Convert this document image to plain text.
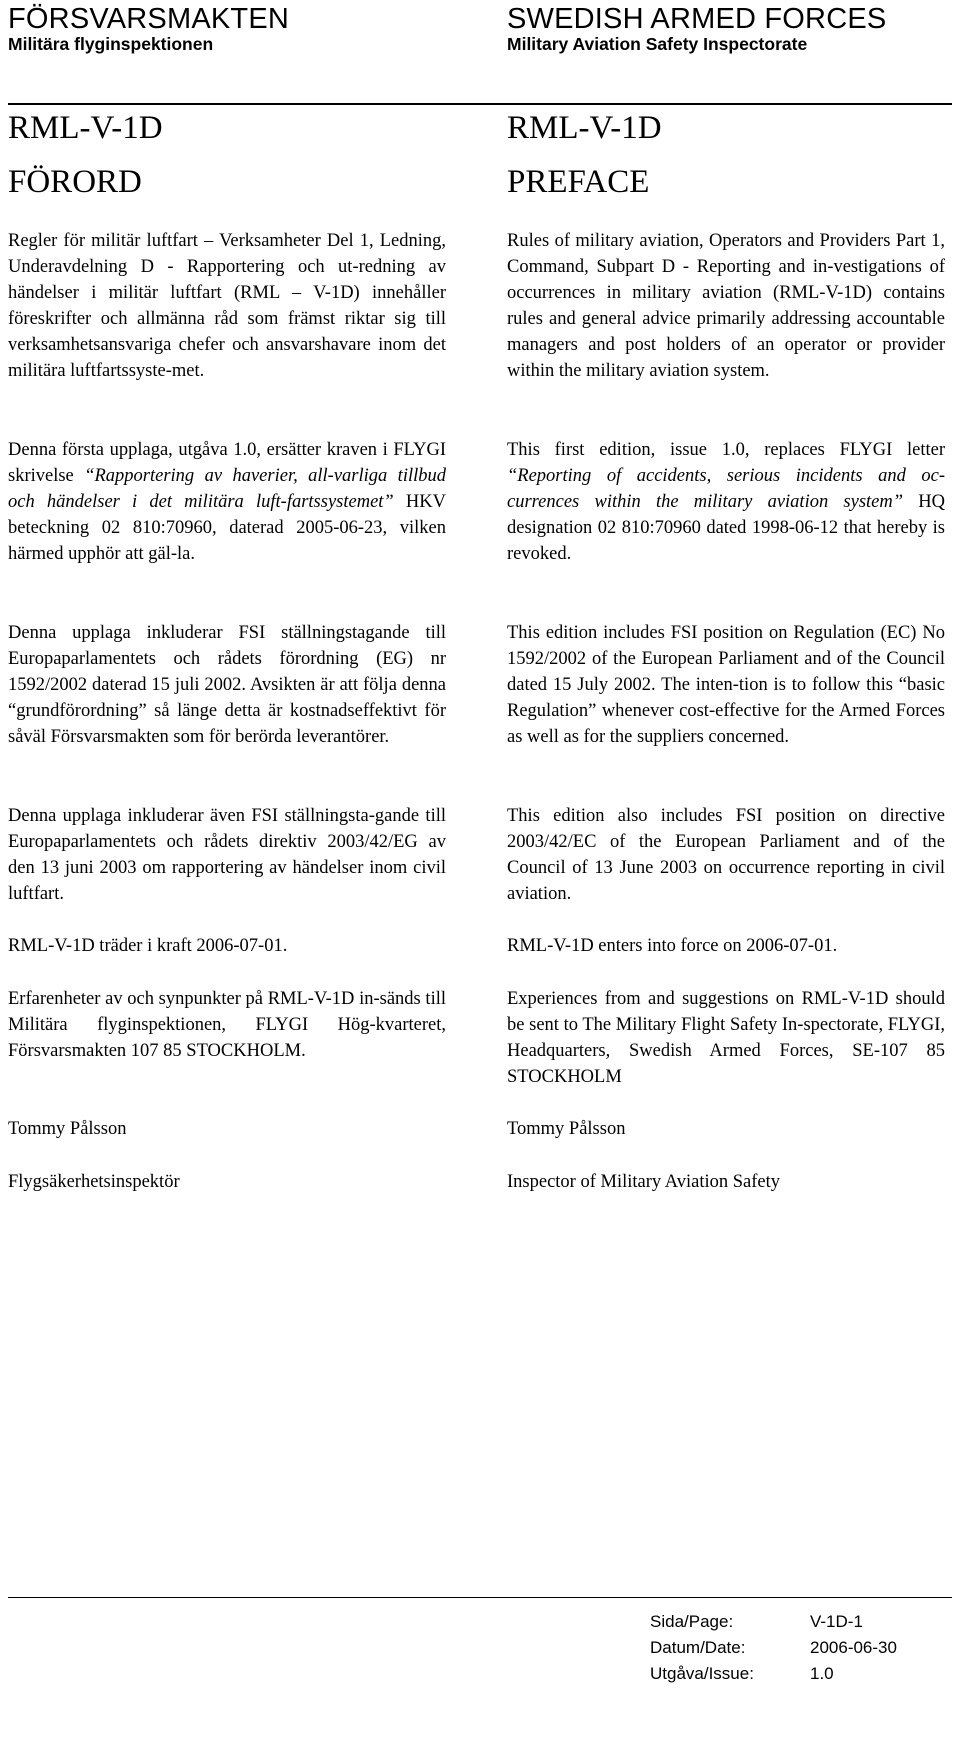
FÖRSVARSMAKTEN
Militära flyginspektionen
SWEDISH ARMED FORCES
Military Aviation Safety Inspectorate
RML-V-1D
FÖRORD

Regler för militär luftfart – Verksamheter Del 1, Ledning, Underavdelning D - Rapportering och ut-redning av händelser i militär luftfart (RML – V-1D) innehåller föreskrifter och allmänna råd som främst riktar sig till verksamhetsansvariga chefer och ansvarshavare inom det militära luftfartssyste-met.

Denna första upplaga, utgåva 1.0, ersätter kraven i FLYGI skrivelse “Rapportering av haverier, all-varliga tillbud och händelser i det militära luft-fartssystemet” HKV beteckning 02 810:70960, daterad 2005-06-23, vilken härmed upphör att gäl-la.

Denna upplaga inkluderar FSI ställningstagande till Europaparlamentets och rådets förordning (EG) nr 1592/2002 daterad 15 juli 2002. Avsikten är att följa denna “grundförordning” så länge detta är kostnadseffektivt för såväl Försvarsmakten som för berörda leverantörer.

Denna upplaga inkluderar även FSI ställningsta-gande till Europaparlamentets och rådets direktiv 2003/42/EG av den 13 juni 2003 om rapportering av händelser inom civil luftfart.

RML-V-1D träder i kraft 2006-07-01.

Erfarenheter av och synpunkter på RML-V-1D in-sänds till Militära flyginspektionen, FLYGI Hög-kvarteret, Försvarsmakten 107 85 STOCKHOLM.

Tommy Pålsson

Flygsäkerhetsinspektör

RML-V-1D
PREFACE

Rules of military aviation, Operators and Providers Part 1, Command, Subpart D - Reporting and in-vestigations of occurrences in military aviation (RML-V-1D) contains rules and general advice primarily addressing accountable managers and post holders of an operator or provider within the military aviation system.

This first edition, issue 1.0, replaces FLYGI letter “Reporting of accidents, serious incidents and oc-currences within the military aviation system” HQ designation 02 810:70960 dated 1998-06-12 that hereby is revoked.

This edition includes FSI position on Regulation (EC) No 1592/2002 of the European Parliament and of the Council dated 15 July 2002. The inten-tion is to follow this “basic Regulation” whenever cost-effective for the Armed Forces as well as for the suppliers concerned.

This edition also includes FSI position on directive 2003/42/EC of the European Parliament and of the Council of 13 June 2003 on occurrence reporting in civil aviation.

RML-V-1D enters into force on 2006-07-01.

Experiences from and suggestions on RML-V-1D should be sent to The Military Flight Safety In-spectorate, FLYGI, Headquarters, Swedish Armed Forces, SE-107 85 STOCKHOLM

Tommy Pålsson

Inspector of Military Aviation Safety

Sida/Page:	V-1D-1
Datum/Date:	2006-06-30
Utgåva/Issue:	1.0
